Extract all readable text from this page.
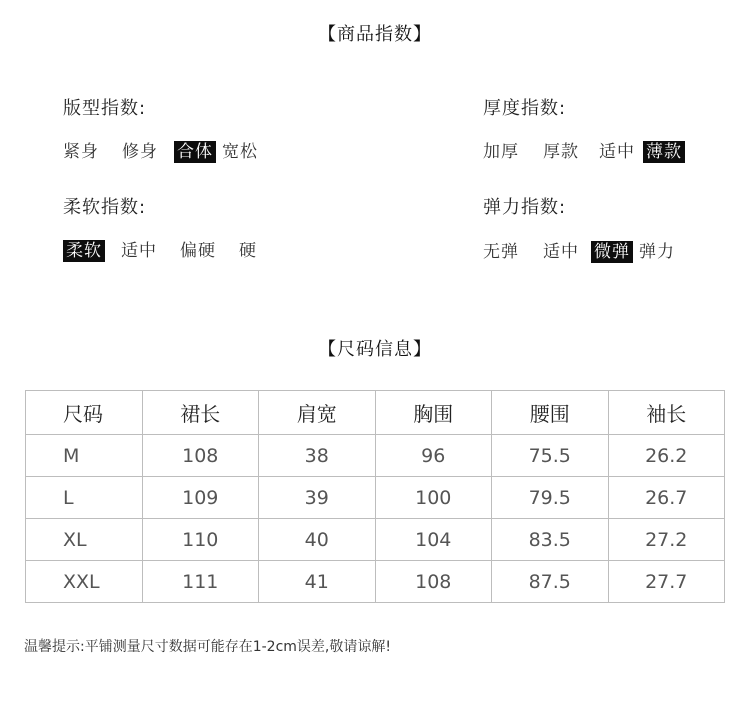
【商品指数】
版型指数:
紧身 修身 合体 宽松
厚度指数:
加厚 厚款 适中 薄款
柔软指数:
柔软 适中 偏硬 硬
弹力指数:
无弹 适中 微弹 弹力
【尺码信息】
尺码	裙长	肩宽	胸围	腰围	袖长
M	108	38	96	75.5	26.2
L	109	39	100	79.5	26.7
XL	110	40	104	83.5	27.2
XXL	111	41	108	87.5	27.7
温馨提示:平铺测量尺寸数据可能存在1-2cm误差,敬请谅解!
